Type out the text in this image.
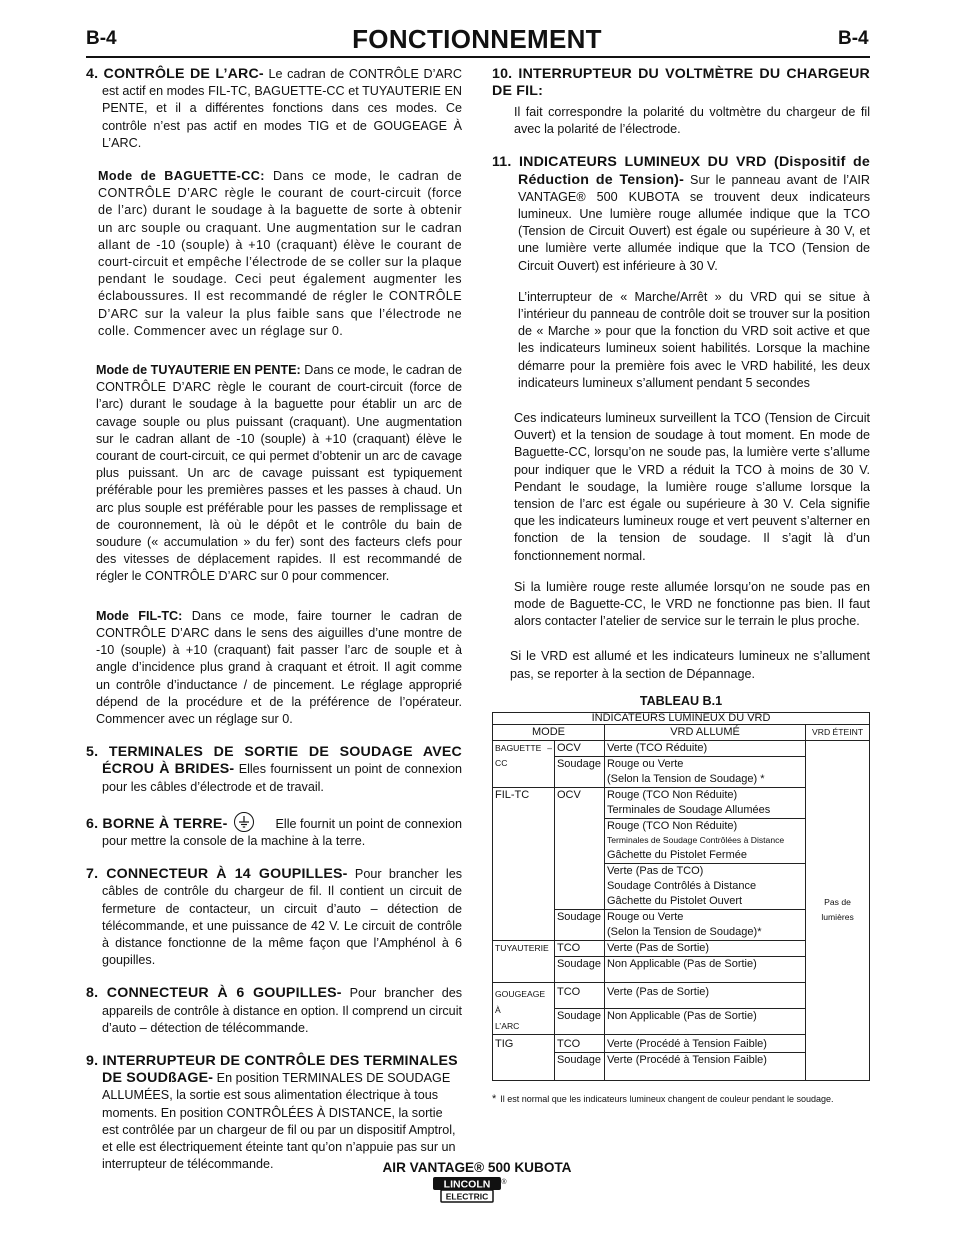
B-4	FONCTIONNEMENT	B-4
4. CONTRÔLE DE L’ARC- Le cadran de CONTRÔLE D’ARC est actif en modes FIL-TC, BAGUETTE-CC et TUYAUTERIE EN PENTE, et il a différentes fonctions dans ces modes. Ce contrôle n’est pas actif en modes TIG et de GOUGEAGE À L’ARC.
Mode de BAGUETTE-CC: Dans ce mode, le cadran de CONTRÔLE D’ARC règle le courant de court-circuit (force de l’arc) durant le soudage à la baguette de sorte à obtenir un arc souple ou craquant. Une augmentation sur le cadran allant de -10 (souple) à +10 (craquant) élève le courant de court-circuit et empêche l’électrode de se coller sur la plaque pendant le soudage. Ceci peut également augmenter les éclaboussures. Il est recommandé de régler le CONTRÔLE D’ARC sur la valeur la plus faible sans que l’électrode ne colle. Commencer avec un réglage sur 0.
Mode de TUYAUTERIE EN PENTE: Dans ce mode, le cadran de CONTRÔLE D’ARC règle le courant de court-circuit (force de l’arc) durant le soudage à la baguette pour établir un arc de cavage souple ou plus puissant (craquant). Une augmentation sur le cadran allant de -10 (souple) à +10 (craquant) élève le courant de court-circuit, ce qui permet d’obtenir un arc de cavage plus puissant. Un arc de cavage puissant est typiquement préférable pour les premières passes et les passes à chaud. Un arc plus souple est préférable pour les passes de remplissage et de couronnement, là où le dépôt et le contrôle du bain de soudure (« accumulation » du fer) sont des facteurs clefs pour des vitesses de déplacement rapides. Il est recommandé de régler le CONTRÔLE D’ARC sur 0 pour commencer.
Mode FIL-TC: Dans ce mode, faire tourner le cadran de CONTRÔLE D’ARC dans le sens des aiguilles d’une montre de -10 (souple) à +10 (craquant) fait passer l’arc de souple et à angle d’incidence plus grand à craquant et étroit. Il agit comme un contrôle d’inductance / de pincement. Le réglage approprié dépend de la procédure et de la préférence de l’opérateur. Commencer avec un réglage sur 0.
5. TERMINALES DE SORTIE DE SOUDAGE AVEC ÉCROU À BRIDES- Elles fournissent un point de connexion pour les câbles d’électrode et de travail.
6. BORNE À TERRE-	Elle fournit un point de connexion pour mettre la console de la machine à la terre.
7. CONNECTEUR À 14 GOUPILLES- Pour brancher les câbles de contrôle du chargeur de fil. Il contient un circuit de fermeture de contacteur, un circuit d’auto – détection de télécommande, et une puissance de 42 V. Le circuit de contrôle à distance fonctionne de la même façon que l’Amphénol à 6 goupilles.
8. CONNECTEUR À 6 GOUPILLES- Pour brancher des appareils de contrôle à distance en option. Il comprend un circuit d’auto – détection de télécommande.
9. INTERRUPTEUR DE CONTRÔLE DES TERMINALES DE SOUDßAGE- En position TERMINALES DE SOUDAGE ALLUMÉES, la sortie est sous alimentation électrique à tous moments. En position CONTRÔLÉES À DISTANCE, la sortie est contrôlée par un chargeur de fil ou par un dispositif Amptrol, et elle est électriquement éteinte tant qu’on n’appuie pas sur un interrupteur de télécommande.
10. INTERRUPTEUR DU VOLTMÈTRE DU CHARGEUR DE FIL:
Il fait correspondre la polarité du voltmètre du chargeur de fil avec la polarité de l’électrode.
11. INDICATEURS LUMINEUX DU VRD (Dispositif de Réduction de Tension)- Sur le panneau avant de l’AIR VANTAGE® 500 KUBOTA se trouvent deux indicateurs lumineux. Une lumière rouge allumée indique que la TCO (Tension de Circuit Ouvert) est égale ou supérieure à 30 V, et une lumière verte allumée indique que la TCO (Tension de Circuit Ouvert) est inférieure à 30 V.
L’interrupteur de « Marche/Arrêt » du VRD qui se situe à l’intérieur du panneau de contrôle doit se trouver sur la position de « Marche » pour que la fonction du VRD soit active et que les indicateurs lumineux soient habilités. Lorsque la machine démarre pour la première fois avec le VRD habilité, les deux indicateurs lumineux s’allument pendant 5 secondes
Ces indicateurs lumineux surveillent la TCO (Tension de Circuit Ouvert) et la tension de soudage à tout moment. En mode de Baguette-CC, lorsqu’on ne soude pas, la lumière verte s’allume pour indiquer que le VRD a réduit la TCO à moins de 30 V. Pendant le soudage, la lumière rouge s’allume lorsque la tension de l’arc est égale ou supérieure à 30 V. Cela signifie que les indicateurs lumineux rouge et vert peuvent s’alterner en fonction de la tension de soudage. Il s’agit là d’un fonctionnement normal.
Si la lumière rouge reste allumée lorsqu’on ne soude pas en mode de Baguette-CC, le VRD ne fonctionne pas bien. Il faut alors contacter l’atelier de service sur le terrain le plus proche.
Si le VRD est allumé et les indicateurs lumineux ne s’allument pas, se reporter à la section de Dépannage.
TABLEAU B.1
INDICATEURS LUMINEUX DU VRD			
MODE		VRD ALLUMÉ	VRD ÉTEINT
BAGUETTE –CC	OCV	Verte (TCO Réduite)	Pas de lumières
	Soudage	Rouge ou Verte
(Selon la Tension de Soudage) *	

FIL-TC	OCV	Rouge (TCO Non Réduite)
Terminales de Soudage Allumées	

		Rouge (TCO Non Réduite)
Terminales de Soudage Contrôlées à Distance
Gâchette du Pistolet Fermée	

		Verte (Pas de TCO)
Soudage Contrôlés à Distance
Gâchette du Pistolet Ouvert	

	Soudage	Rouge ou Verte
(Selon la Tension de Soudage)*	

TUYAUTERIE	TCO	Verte (Pas de Sortie)	
	Soudage	Non Applicable (Pas de Sortie)	

GOUGEAGE À
L’ARC	TCO	Verte (Pas de Sortie)	
	Soudage	Non Applicable (Pas de Sortie)	
TIG	TCO	Verte (Procédé à Tension Faible)	
	Soudage	Verte (Procédé à Tension Faible)	
* Il est normal que les indicateurs lumineux changent de couleur pendant le soudage.
AIR VANTAGE® 500 KUBOTA
LINCOLN ®
ELECTRIC
